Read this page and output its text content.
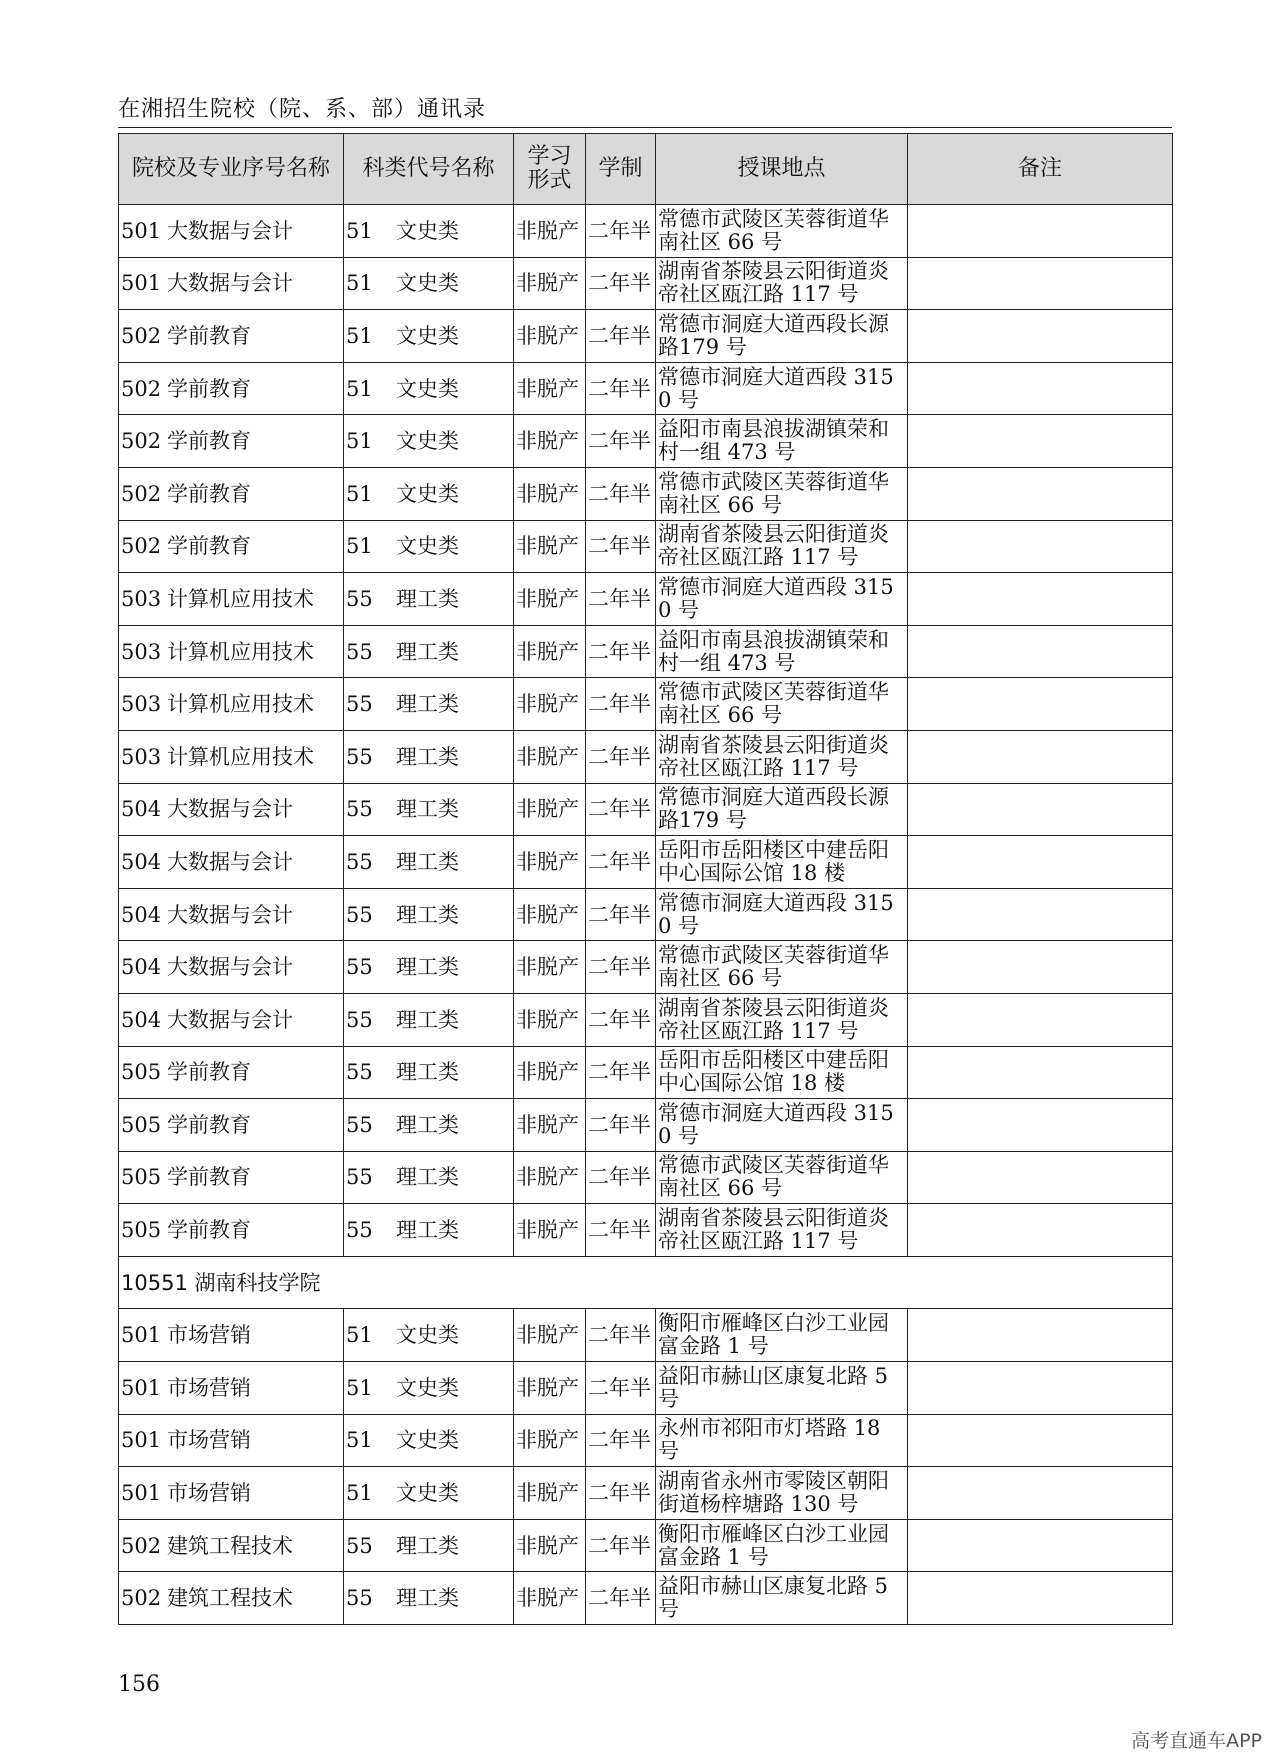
在湘招生院校（院、系、部）通讯录
院校及专业序号名称	科类代号名称	学习形式	学制	授课地点	备注
501 大数据与会计	51 文史类	非脱产	二年半	常德市武陵区芙蓉街道华南社区 66 号	
501 大数据与会计	51 文史类	非脱产	二年半	湖南省茶陵县云阳街道炎帝社区瓯江路 117 号	
502 学前教育	51 文史类	非脱产	二年半	常德市洞庭大道西段长源路179 号	
502 学前教育	51 文史类	非脱产	二年半	常德市洞庭大道西段 3150 号	
502 学前教育	51 文史类	非脱产	二年半	益阳市南县浪拔湖镇荣和村一组 473 号	
502 学前教育	51 文史类	非脱产	二年半	常德市武陵区芙蓉街道华南社区 66 号	
502 学前教育	51 文史类	非脱产	二年半	湖南省茶陵县云阳街道炎帝社区瓯江路 117 号	
503 计算机应用技术	55 理工类	非脱产	二年半	常德市洞庭大道西段 3150 号	
503 计算机应用技术	55 理工类	非脱产	二年半	益阳市南县浪拔湖镇荣和村一组 473 号	
503 计算机应用技术	55 理工类	非脱产	二年半	常德市武陵区芙蓉街道华南社区 66 号	
503 计算机应用技术	55 理工类	非脱产	二年半	湖南省茶陵县云阳街道炎帝社区瓯江路 117 号	
504 大数据与会计	55 理工类	非脱产	二年半	常德市洞庭大道西段长源路179 号	
504 大数据与会计	55 理工类	非脱产	二年半	岳阳市岳阳楼区中建岳阳中心国际公馆 18 楼	
504 大数据与会计	55 理工类	非脱产	二年半	常德市洞庭大道西段 3150 号	
504 大数据与会计	55 理工类	非脱产	二年半	常德市武陵区芙蓉街道华南社区 66 号	
504 大数据与会计	55 理工类	非脱产	二年半	湖南省茶陵县云阳街道炎帝社区瓯江路 117 号	
505 学前教育	55 理工类	非脱产	二年半	岳阳市岳阳楼区中建岳阳中心国际公馆 18 楼	
505 学前教育	55 理工类	非脱产	二年半	常德市洞庭大道西段 3150 号	
505 学前教育	55 理工类	非脱产	二年半	常德市武陵区芙蓉街道华南社区 66 号	
505 学前教育	55 理工类	非脱产	二年半	湖南省茶陵县云阳街道炎帝社区瓯江路 117 号	
10551 湖南科技学院					
501 市场营销	51 文史类	非脱产	二年半	衡阳市雁峰区白沙工业园富金路 1 号	
501 市场营销	51 文史类	非脱产	二年半	益阳市赫山区康复北路 5 号	
501 市场营销	51 文史类	非脱产	二年半	永州市祁阳市灯塔路 18 号	
501 市场营销	51 文史类	非脱产	二年半	湖南省永州市零陵区朝阳街道杨梓塘路 130 号	
502 建筑工程技术	55 理工类	非脱产	二年半	衡阳市雁峰区白沙工业园富金路 1 号	
502 建筑工程技术	55 理工类	非脱产	二年半	益阳市赫山区康复北路 5 号	
156
高考直通车APP
